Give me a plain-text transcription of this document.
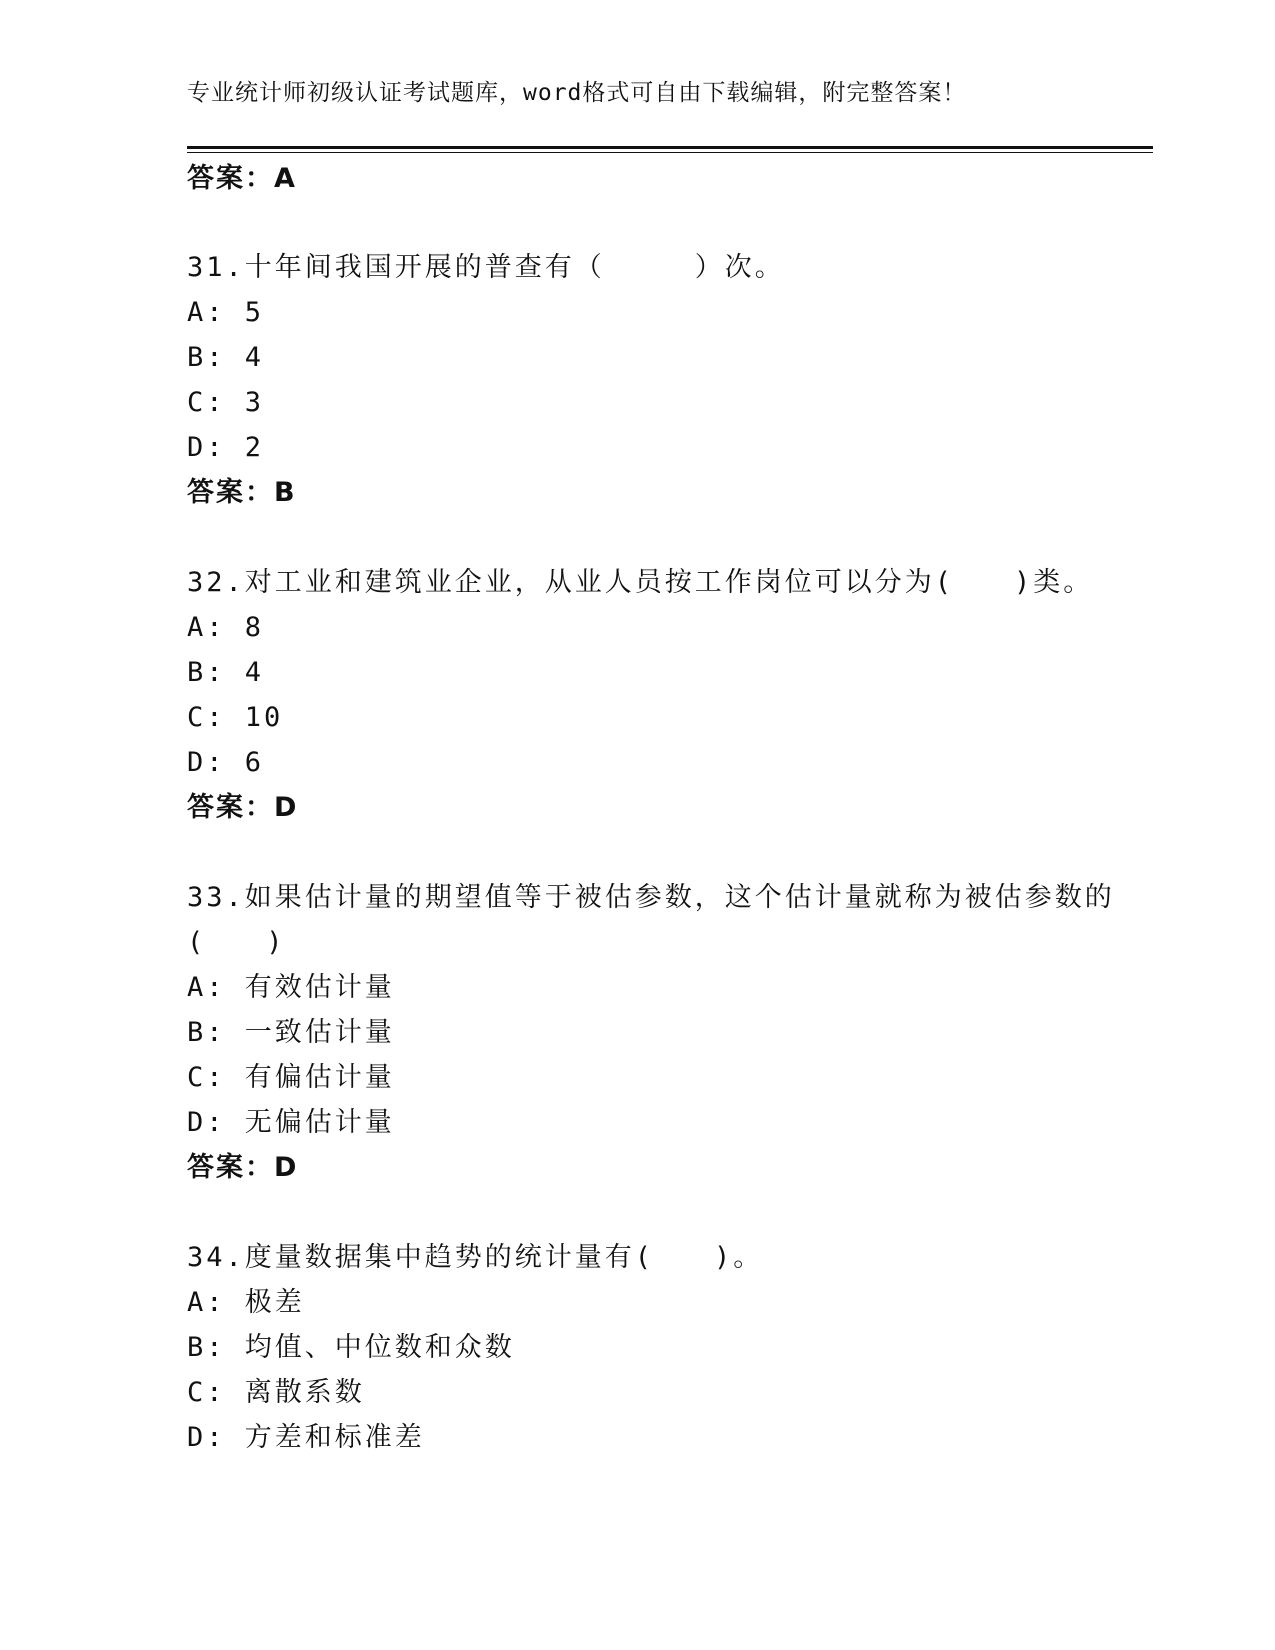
专业统计师初级认证考试题库，word格式可自由下载编辑，附完整答案！
答案：A
31.十年间我国开展的普查有（　　　）次。
A: 5
B: 4
C: 3
D: 2
答案：B
32.对工业和建筑业企业，从业人员按工作岗位可以分为(　　)类。
A: 8
B: 4
C: 10
D: 6
答案：D
33.如果估计量的期望值等于被估参数，这个估计量就称为被估参数的
(　　)
A: 有效估计量
B: 一致估计量
C: 有偏估计量
D: 无偏估计量
答案：D
34.度量数据集中趋势的统计量有(　　)。
A: 极差
B: 均值、中位数和众数
C: 离散系数
D: 方差和标准差
